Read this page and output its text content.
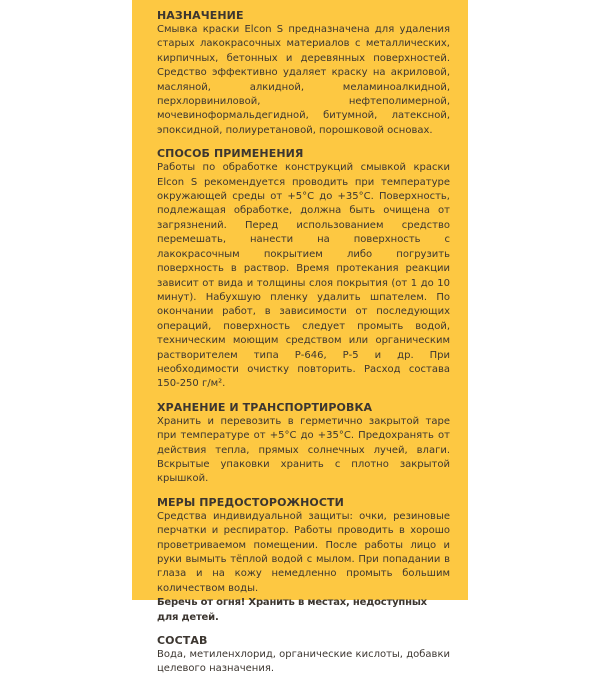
НАЗНАЧЕНИЕ

Смывка краски Elcon S предназначена для удаления старых лакокрасочных материалов с металлических, кирпичных, бетонных и деревянных поверхностей. Средство эффективно удаляет краску на акриловой, масляной, алкидной, меламиноалкидной, перхлорвиниловой, нефтеполимерной, мочевиноформальдегидной, битумной, латексной, эпоксидной, полиуретановой, порошковой основах.

СПОСОБ ПРИМЕНЕНИЯ

Работы по обработке конструкций смывкой краски Elcon S рекомендуется проводить при температуре окружающей среды от +5°C до +35°C. Поверхность, подлежащая обработке, должна быть очищена от загрязнений. Перед использованием средство перемешать, нанести на поверхность с лакокрасочным покрытием либо погрузить поверхность в раствор. Время протекания реакции зависит от вида и толщины слоя покрытия (от 1 до 10 минут). Набухшую пленку удалить шпателем. По окончании работ, в зависимости от последующих операций, поверхность следует промыть водой, техническим моющим средством или органическим растворителем типа Р-646, Р-5 и др. При необходимости очистку повторить. Расход состава 150-250 г/м².

ХРАНЕНИЕ И ТРАНСПОРТИРОВКА

Хранить и перевозить в герметично закрытой таре при температуре от +5°C до +35°C. Предохранять от действия тепла, прямых солнечных лучей, влаги. Вскрытые упаковки хранить с плотно закрытой крышкой.

МЕРЫ ПРЕДОСТОРОЖНОСТИ

Средства индивидуальной защиты: очки, резиновые перчатки и респиратор. Работы проводить в хорошо проветриваемом помещении. После работы лицо и руки вымыть тёплой водой с мылом. При попадании в глаза и на кожу немедленно промыть большим количеством воды.

Беречь от огня! Хранить в местах, недоступных для детей.

СОСТАВ

Вода, метиленхлорид, органические кислоты, добавки целевого назначения.
